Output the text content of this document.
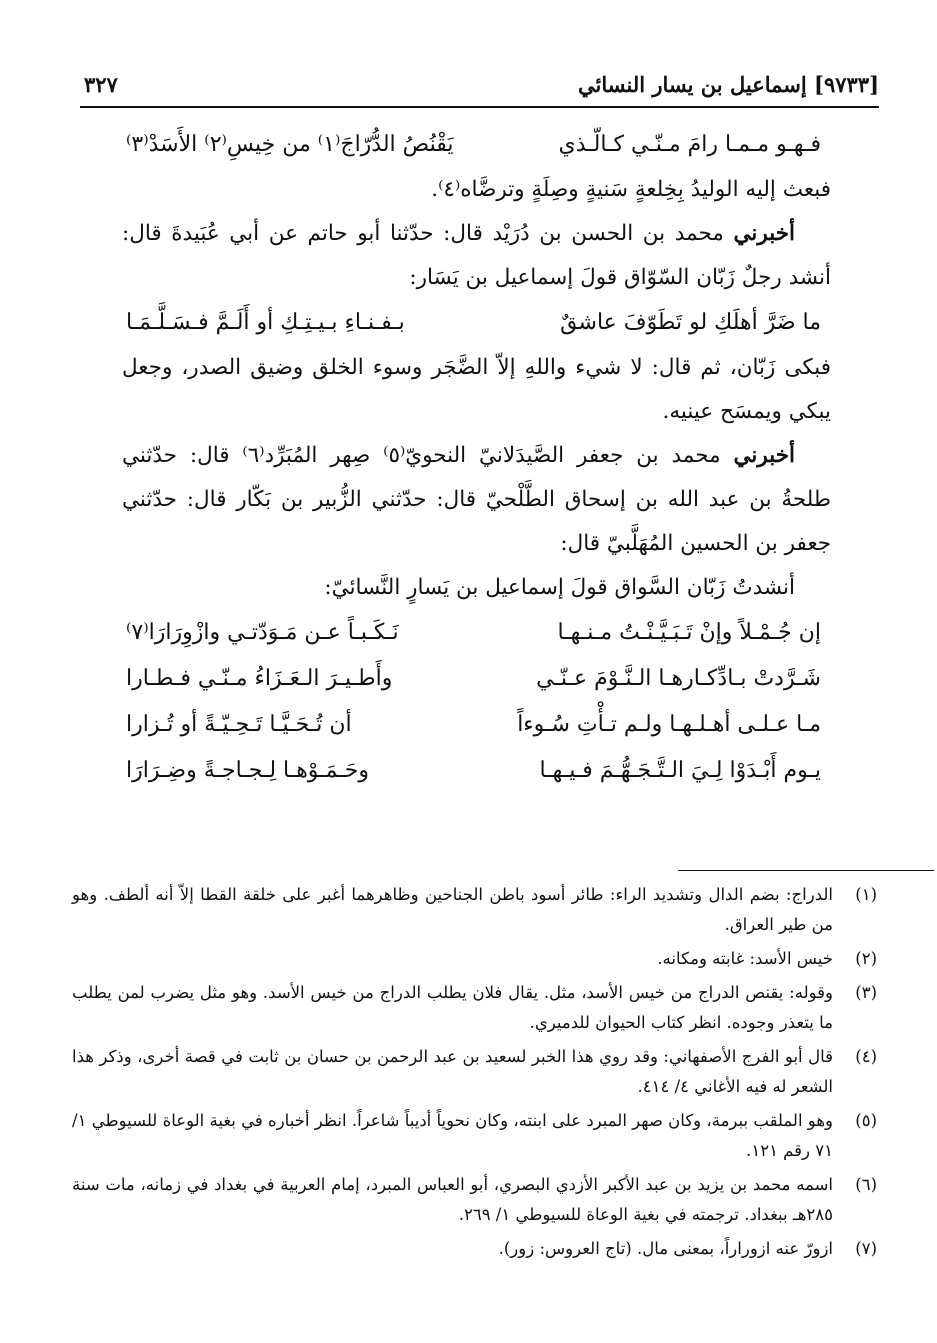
[٩٧٣٣] إسماعيل بن يسار النسائي
٣٢٧
فـهـو مـمـا رامَ مـنّـي كـالّـذي
يَقْنُصُ الدُّرّاجَ⁽١⁾ من خِيسِ⁽٢⁾ الأَسَدْ⁽٣⁾

فبعث إليه الوليدُ بِخِلعةٍ سَنيةٍ وصِلَةٍ وترضَّاه⁽٤⁾.

أخبرني محمد بن الحسن بن دُرَيْد قال: حدّثنا أبو حاتم عن أبي عُبَيدةَ قال: أنشد رجلٌ زَبّان السّوّاق قولَ إسماعيل بن يَسَار:

ما ضَرَّ أهلَكِ لو تَطَوّفَ عاشقٌ
بـفـنـاءِ بـيـتِـكِ أو أَلَـمَّ فـسَـلَّـمَـا

فبكى زَبّان، ثم قال: لا شيء واللهِ إلاّ الضَّجَر وسوء الخلق وضيق الصدر، وجعل يبكي ويمسَح عينيه.

أخبرني محمد بن جعفر الصَّيدَلانيّ النحويّ⁽٥⁾ صِهر المُبَرِّد⁽٦⁾ قال: حدّثني طلحةُ بن عبد الله بن إسحاق الطَّلْحيّ قال: حدّثني الزُّبير بن بَكّار قال: حدّثني جعفر بن الحسين المُهَلَّبيّ قال:

أنشدتُ زَبّان السَّواق قولَ إسماعيل بن يَسارٍ النَّسائيّ:

إن جُـمْـلاً وإنْ تَـبَـيَّـنْـتُ مـنـهـا
نَـكَـبـاً عـن مَـوَدّتـي وازْوِرَارَا⁽٧⁾
شَـرَّدتْ بـادِّكـارهـا الـنَّـوْمَ عـنّـي
وأَطـيـرَ الـعَـزَاءُ مـنّـي فـطـارا
مـا عـلـى أهـلـهـا ولـم تـأْتِ سُـوءاً
أن تُـحَـيَّـا تَـحِـيّـةً أو تُـزارا
يـوم أَبْـدَوْا لِـيَ الـتَّـجَـهُّـمَ فـيـهـا
وحَـمَـوْهـا لِـجـاجـةً وضِـرَارَا
(١)
الدراج: بضم الدال وتشديد الراء: طائر أسود باطن الجناحين وظاهرهما أغبر على خلقة القطا إلاّ أنه ألطف. وهو من طير العراق.
(٢)
خيس الأسد: غابته ومكانه.
(٣)
وقوله: يقنص الدراج من خيس الأسد، مثل. يقال فلان يطلب الدراج من خيس الأسد. وهو مثل يضرب لمن يطلب ما يتعذر وجوده. انظر كتاب الحيوان للدميري.
(٤)
قال أبو الفرج الأصفهاني: وقد روي هذا الخبر لسعيد بن عبد الرحمن بن حسان بن ثابت في قصة أخرى، وذكر هذا الشعر له فيه الأغاني ٤/ ٤١٤.
(٥)
وهو الملقب ببرمة، وكان صهر المبرد على ابنته، وكان نحوياً أديباً شاعراً. انظر أخباره في بغية الوعاة للسيوطي ١/ ٧١ رقم ١٢١.
(٦)
اسمه محمد بن يزيد بن عبد الأكبر الأزدي البصري، أبو العباس المبرد، إمام العربية في بغداد في زمانه، مات سنة ٢٨٥هـ ببغداد. ترجمته في بغية الوعاة للسيوطي ١/ ٢٦٩.
(٧)
ازورّ عنه ازوراراً، بمعنى مال. (تاج العروس: زور).
